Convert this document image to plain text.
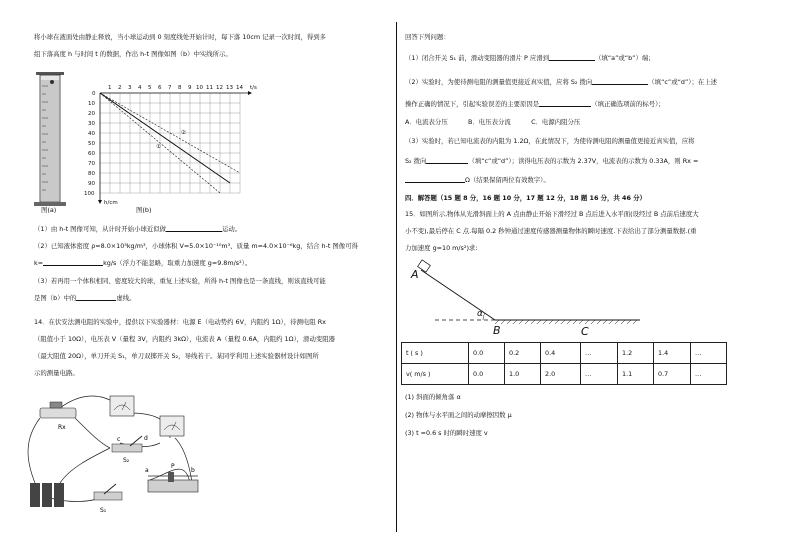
将小球在液面处由静止释放，当小球运动到 0 刻度线处开始计时，每下落 10cm 记录一次时间，得到多
组下落高度 h 与时间 t 的数据，作出 h-t 图像如图（b）中实线所示。
图(a)
1 2 3 4 5 6 7 8 9 10 11 12 13 14 t/s
0
10
20
30
40
50
60
70
80
90
100
h/cm
①
②
图(b)
（1）由 h-t 图像可知，从计时开始小球近似做	运动。
（2）已知液体密度 ρ=8.0×10³kg/m³，小球体积 V=5.0×10⁻¹⁰m³、质量 m=4.0×10⁻⁶kg，结合 h-t 图像可得
k=	kg/s（浮力不能忽略，取重力加速度 g=9.8m/s²）。
（3）若再用一个体积相同、密度较大的球，重复上述实验，所得 h-t 图像也是一条直线，则该直线可能
是图（b）中的	虚线。
14．在伏安法测电阻的实验中，提供以下实验器材：电源 E（电动势约 6V，内阻约 1Ω），待测电阻 Rx
（阻值小于 10Ω），电压表 V（量程 3V，内阻约 3kΩ），电流表 A（量程 0.6A，内阻约 1Ω），滑动变阻器
（最大阻值 20Ω），单刀开关 S₁，单刀双掷开关 S₂，导线若干。某同学利用上述实验器材设计如图所
示的测量电路。
Rx
c	d
S₂
a	b
P
S₁
回答下列问题：
（1）闭合开关 S₁ 前，滑动变阻器的滑片 P 应滑到	（填“a”或“b”）端；
（2）实验时，为使待测电阻的测量值更接近真实值，应将 S₂ 拨向	（填“c”或“d”）；在上述
操作正确的情况下，引起实验误差的主要原因是	（填正确选项前的标号）；
A．电流表分压          B．电压表分流          C．电源内阻分压
（3）实验时，若已知电流表的内阻为 1.2Ω，在此情况下，为使待测电阻的测量值更接近真实值，应将
S₂ 拨向	（填“c”或“d”）；读得电压表的示数为 2.37V，电流表的示数为 0.33A，则 Rx =
Ω（结果保留两位有效数字）。
四．解答题（15 题 8 分，16 题 10 分，17 题 12 分，18 题 16 分，共 46 分）
15．如图所示,物体从光滑斜面上的 A 点由静止开始下滑经过 B 点后进入水平面(设经过 B 点前后速度大
小不变),最后停在 C 点.每隔 0.2 秒钟通过速度传感器测量物体的瞬时速度.下表给出了部分测量数据.(重
力加速度 g=10 m/s²)求:
A
B	C
α
t ( s )	0.0	0.2	0.4	…	1.2	1.4	…
v( m/s )	0.0	1.0	2.0	…	1.1	0.7	…
(1) 斜面的倾角落 α
(2) 物体与水平面之间的动摩擦因数 μ
(3) t =0.6 s 时的瞬时速度 v
